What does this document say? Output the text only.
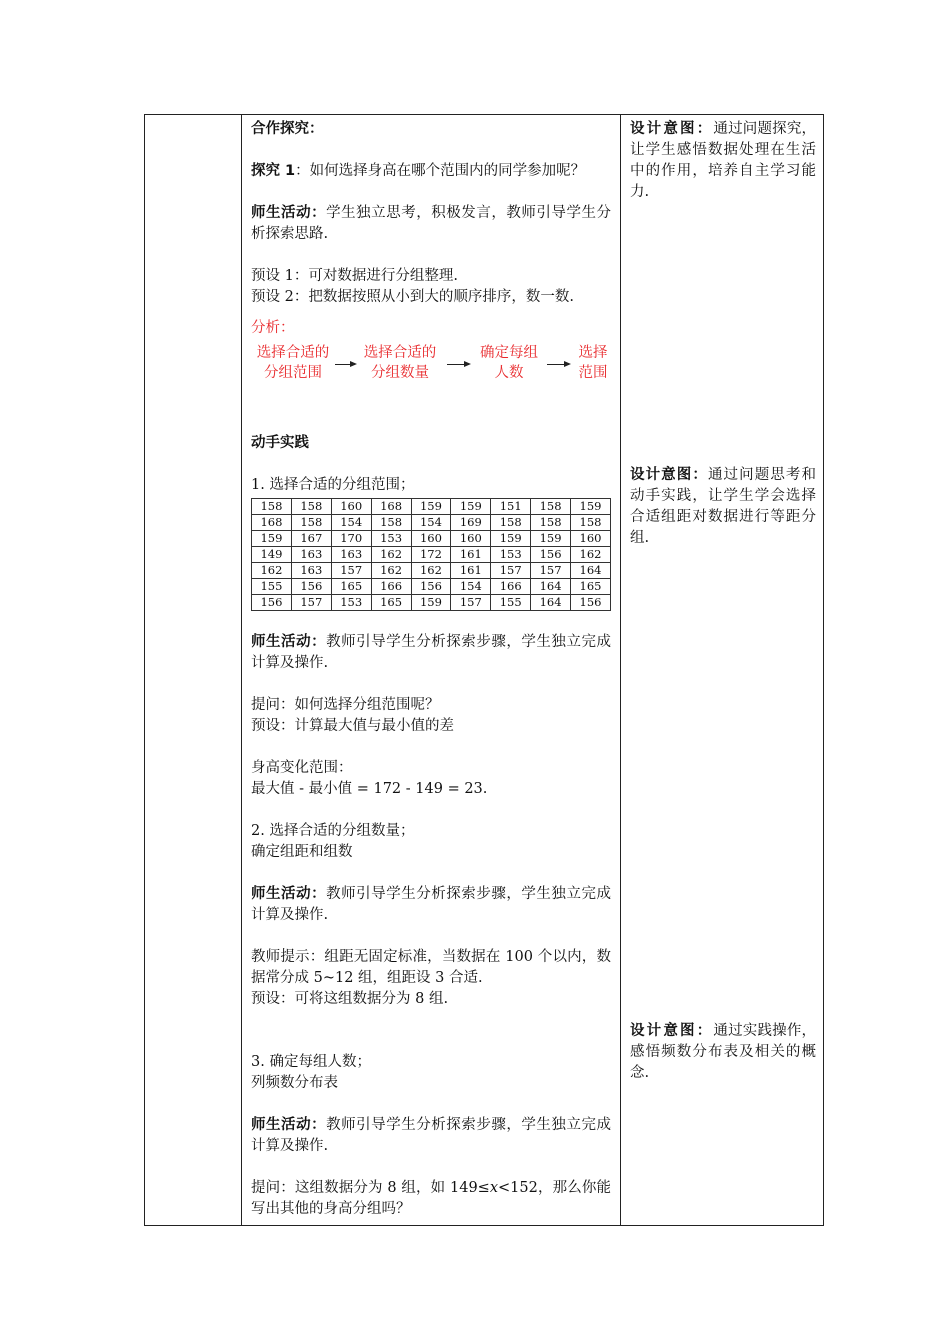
合作探究：

探究 1：如何选择身高在哪个范围内的同学参加呢？

师生活动：学生独立思考，积极发言，教师引导学生分析探索思路.

预设 1：可对数据进行分组整理.

预设 2：把数据按照从小到大的顺序排序，数一数.

分析：

选择合适的
分组范围
选择合适的
分组数量
确定每组
人数
选择
范围

动手实践

1. 选择合适的分组范围；

158	158	160	168	159	159	151	158	159
168	158	154	158	154	169	158	158	158
159	167	170	153	160	160	159	159	160
149	163	163	162	172	161	153	156	162
162	163	157	162	162	161	157	157	164
155	156	165	166	156	154	166	164	165
156	157	153	165	159	157	155	164	156

师生活动：教师引导学生分析探索步骤，学生独立完成计算及操作.

提问：如何选择分组范围呢？

预设：计算最大值与最小值的差

身高变化范围：

最大值 - 最小值 = 172 - 149 = 23.

2. 选择合适的分组数量；

确定组距和组数

师生活动：教师引导学生分析探索步骤，学生独立完成计算及操作.

教师提示：组距无固定标准，当数据在 100 个以内，数据常分成 5~12 组，组距设 3 合适.

预设：可将这组数据分为 8 组.

3. 确定每组人数；

列频数分布表

师生活动：教师引导学生分析探索步骤，学生独立完成计算及操作.

提问：这组数据分为 8 组，如 149≤x<152，那么你能写出其他的身高分组吗？

设计意图：通过问题探究，让学生感悟数据处理在生活中的作用，培养自主学习能力.
设计意图：通过问题思考和动手实践，让学生学会选择合适组距对数据进行等距分组.
设计意图：通过实践操作，感悟频数分布表及相关的概念.
